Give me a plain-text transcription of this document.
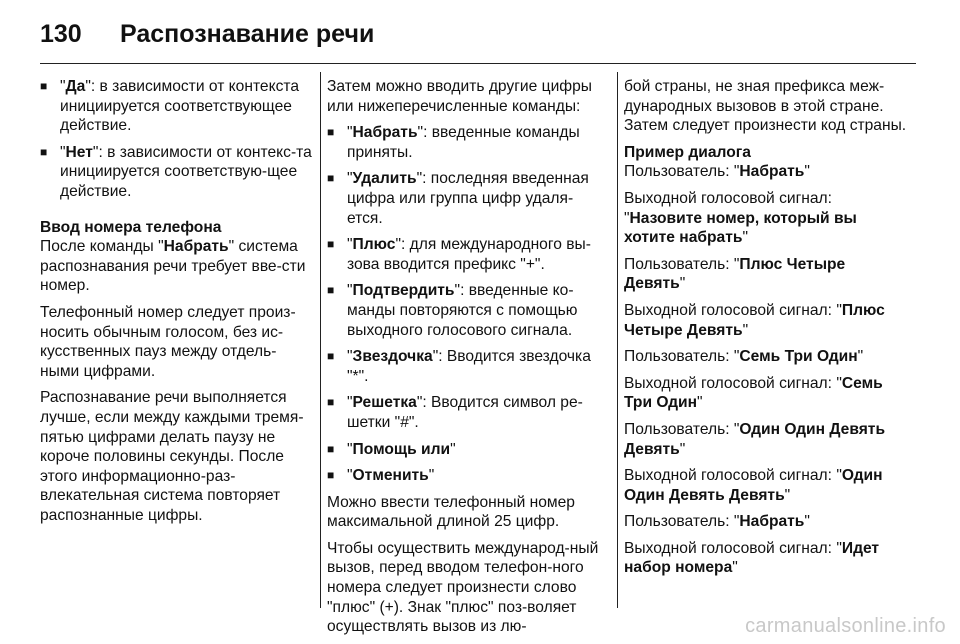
130	Распознавание речи
■ "Да": в зависимости от контекста инициируется соответствующее действие.
■ "Нет": в зависимости от контекс-та инициируется соответствую-щее действие.
Ввод номера телефона

После команды "Набрать" система распознавания речи требует вве-сти номер.

Телефонный номер следует произ-носить обычным голосом, без ис-кусственных пауз между отдель-ными цифрами.

Распознавание речи выполняется лучше, если между каждыми тремя-пятью цифрами делать паузу не короче половины секунды. После этого информационно-раз-влекательная система повторяет распознанные цифры.

Затем можно вводить другие цифры или нижеперечисленные команды:

■ "Набрать": введенные команды приняты.
■ "Удалить": последняя введенная цифра или группа цифр удаля-ется.
■ "Плюс": для международного вы-зова вводится префикс "+".
■ "Подтвердить": введенные ко-манды повторяются с помощью выходного голосового сигнала.
■ "Звездочка": Вводится звездочка "*".
■ "Решетка": Вводится символ ре-шетки "#".
■ "Помощь или"
■ "Отменить"

Можно ввести телефонный номер максимальной длиной 25 цифр.

Чтобы осуществить международ-ный вызов, перед вводом телефон-ного номера следует произнести слово "плюс" (+). Знак "плюс" поз-воляет осуществлять вызов из лю-

бой страны, не зная префикса меж-дународных вызовов в этой стране. Затем следует произнести код страны.

Пример диалога

Пользователь: "Набрать"

Выходной голосовой сигнал: "Назовите номер, который вы хотите набрать"

Пользователь: "Плюс Четыре Девять"

Выходной голосовой сигнал: "Плюс Четыре Девять"

Пользователь: "Семь Три Один"

Выходной голосовой сигнал: "Семь Три Один"

Пользователь: "Один Один Девять Девять"

Выходной голосовой сигнал: "Один Один Девять Девять"

Пользователь: "Набрать"

Выходной голосовой сигнал: "Идет набор номера"

carmanualsonline.info
